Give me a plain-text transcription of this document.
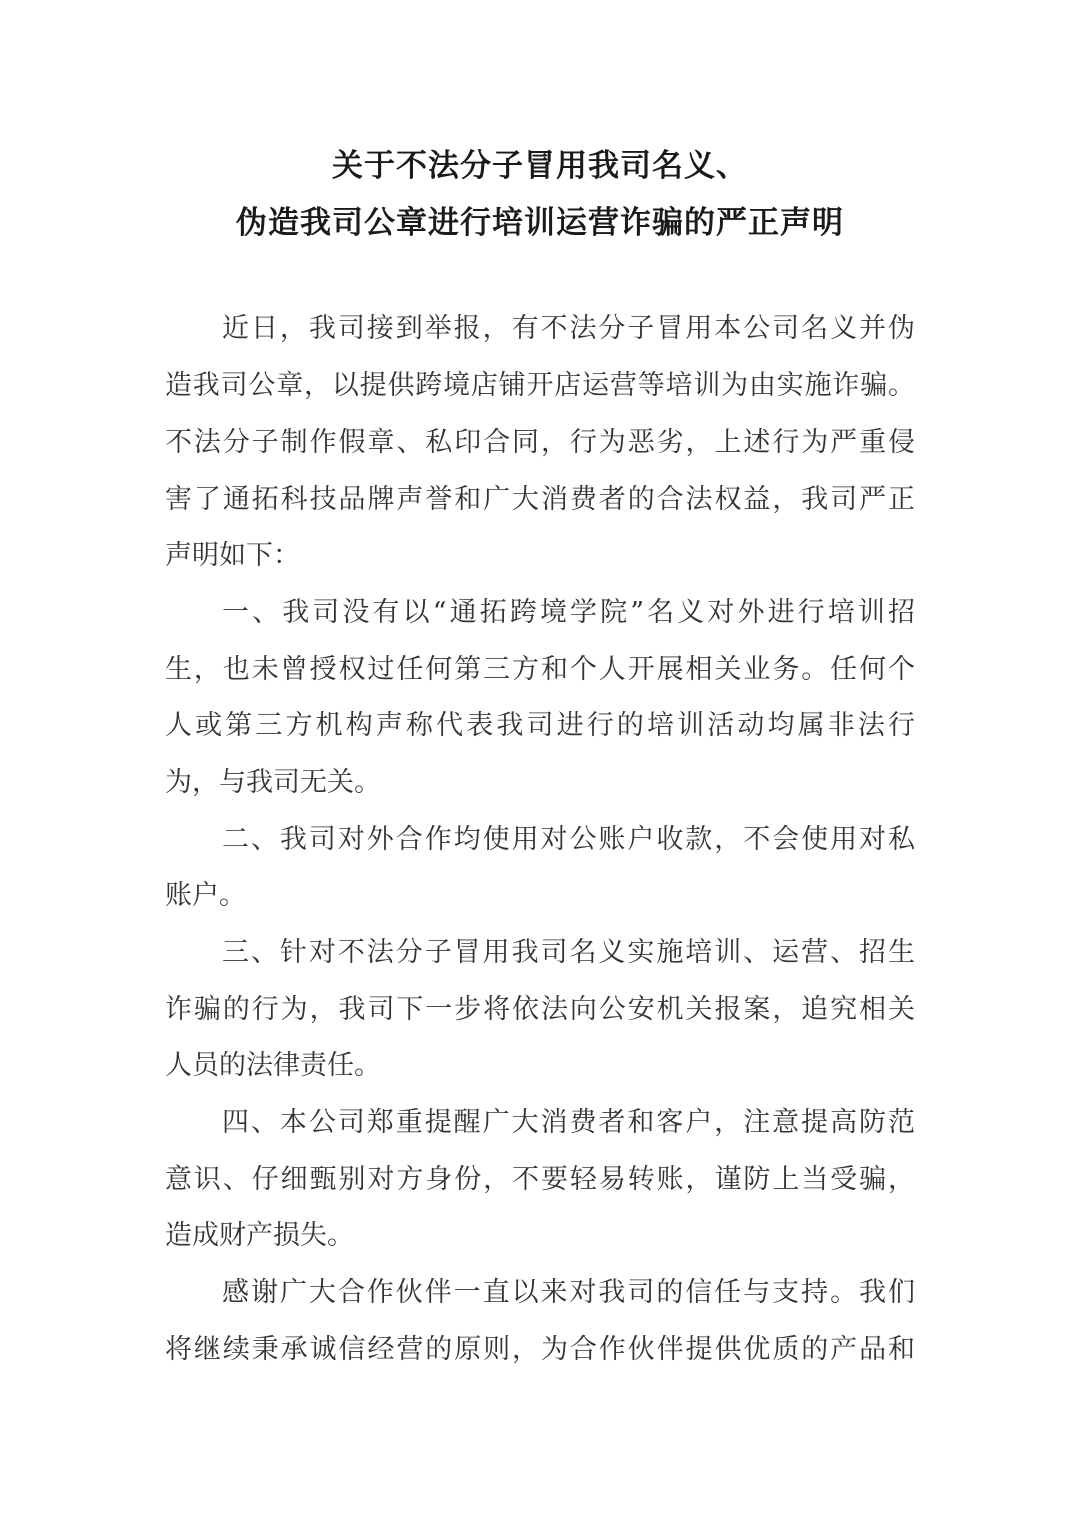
关于不法分子冒用我司名义、
伪造我司公章进行培训运营诈骗的严正声明
近日，我司接到举报，有不法分子冒用本公司名义并伪
造我司公章，以提供跨境店铺开店运营等培训为由实施诈骗。
不法分子制作假章、私印合同，行为恶劣，上述行为严重侵
害了通拓科技品牌声誉和广大消费者的合法权益，我司严正
声明如下：
一、我司没有以“通拓跨境学院”名义对外进行培训招
生，也未曾授权过任何第三方和个人开展相关业务。任何个
人或第三方机构声称代表我司进行的培训活动均属非法行
为，与我司无关。
二、我司对外合作均使用对公账户收款，不会使用对私
账户。
三、针对不法分子冒用我司名义实施培训、运营、招生
诈骗的行为，我司下一步将依法向公安机关报案，追究相关
人员的法律责任。
四、本公司郑重提醒广大消费者和客户，注意提高防范
意识、仔细甄别对方身份，不要轻易转账，谨防上当受骗，
造成财产损失。
感谢广大合作伙伴一直以来对我司的信任与支持。我们
将继续秉承诚信经营的原则，为合作伙伴提供优质的产品和
